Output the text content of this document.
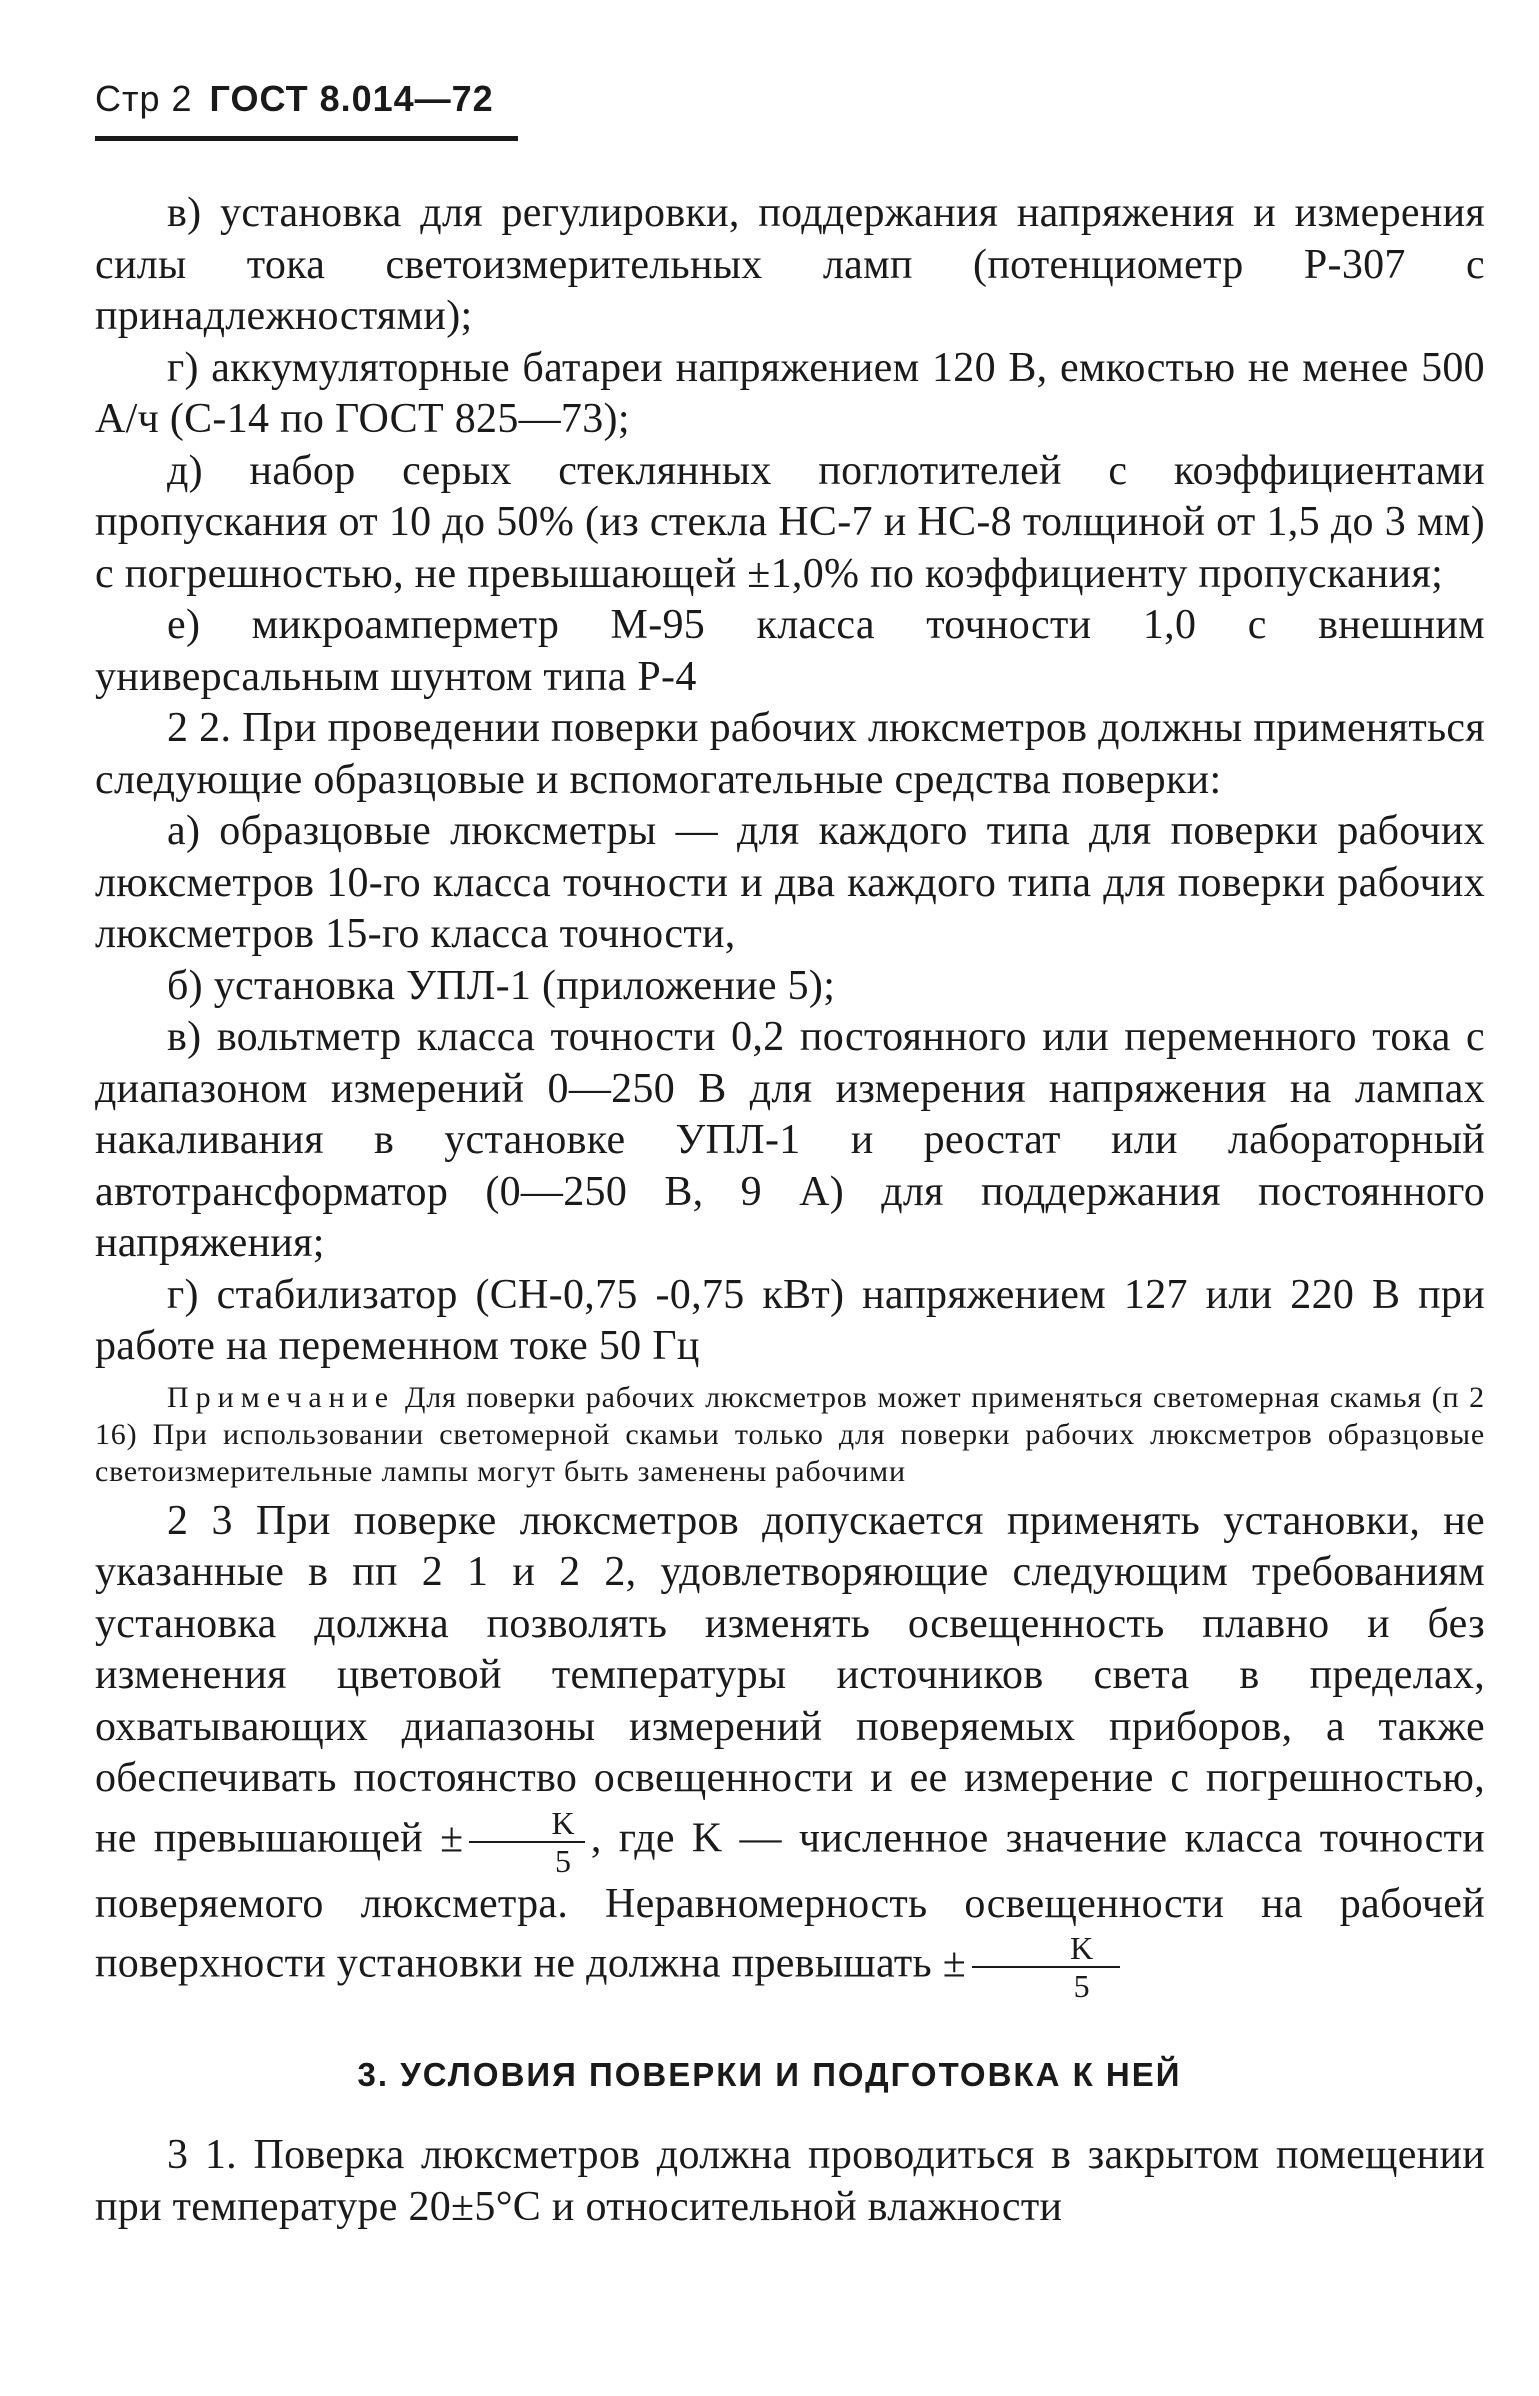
Стр 2 ГОСТ 8.014—72

в) установка для регулировки, поддержания напряжения и измерения силы тока светоизмерительных ламп (потенциометр Р-307 с принадлежностями);

г) аккумуляторные батареи напряжением 120 В, емкостью не менее 500 А/ч (С-14 по ГОСТ 825—73);

д) набор серых стеклянных поглотителей с коэффициентами пропускания от 10 до 50% (из стекла НС-7 и НС-8 толщиной от 1,5 до 3 мм) с погрешностью, не превышающей ±1,0% по коэффициенту пропускания;

е) микроамперметр М-95 класса точности 1,0 с внешним универсальным шунтом типа Р-4

2 2. При проведении поверки рабочих люксметров должны применяться следующие образцовые и вспомогательные средства поверки:

а) образцовые люксметры — для каждого типа для поверки рабочих люксметров 10-го класса точности и два каждого типа для поверки рабочих люксметров 15-го класса точности,

б) установка УПЛ-1 (приложение 5);

в) вольтметр класса точности 0,2 постоянного или переменного тока с диапазоном измерений 0—250 В для измерения напряжения на лампах накаливания в установке УПЛ-1 и реостат или лабораторный автотрансформатор (0—250 В, 9 А) для поддержания постоянного напряжения;

г) стабилизатор (СН-0,75 -0,75 кВт) напряжением 127 или 220 В при работе на переменном токе 50 Гц

Примечание Для поверки рабочих люксметров может применяться светомерная скамья (п 2 16) При использовании светомерной скамьи только для поверки рабочих люксметров образцовые светоизмерительные лампы могут быть заменены рабочими

2 3 При поверке люксметров допускается применять установки, не указанные в пп 2 1 и 2 2, удовлетворяющие следующим требованиям установка должна позволять изменять освещенность плавно и без изменения цветовой температуры источников света в пределах, охватывающих диапазоны измерений поверяемых приборов, а также обеспечивать постоянство освещенности и ее измерение с погрешностью, не превышающей ± $\frac{K}{5}$ , где K — численное значение класса точности поверяемого люксметра. Неравномерность освещенности на рабочей поверхности установки не должна превышать ± $\frac{K}{5}$

3. УСЛОВИЯ ПОВЕРКИ И ПОДГОТОВКА К НЕЙ

3 1. Поверка люксметров должна проводиться в закрытом помещении при температуре 20±5°С и относительной влажности
